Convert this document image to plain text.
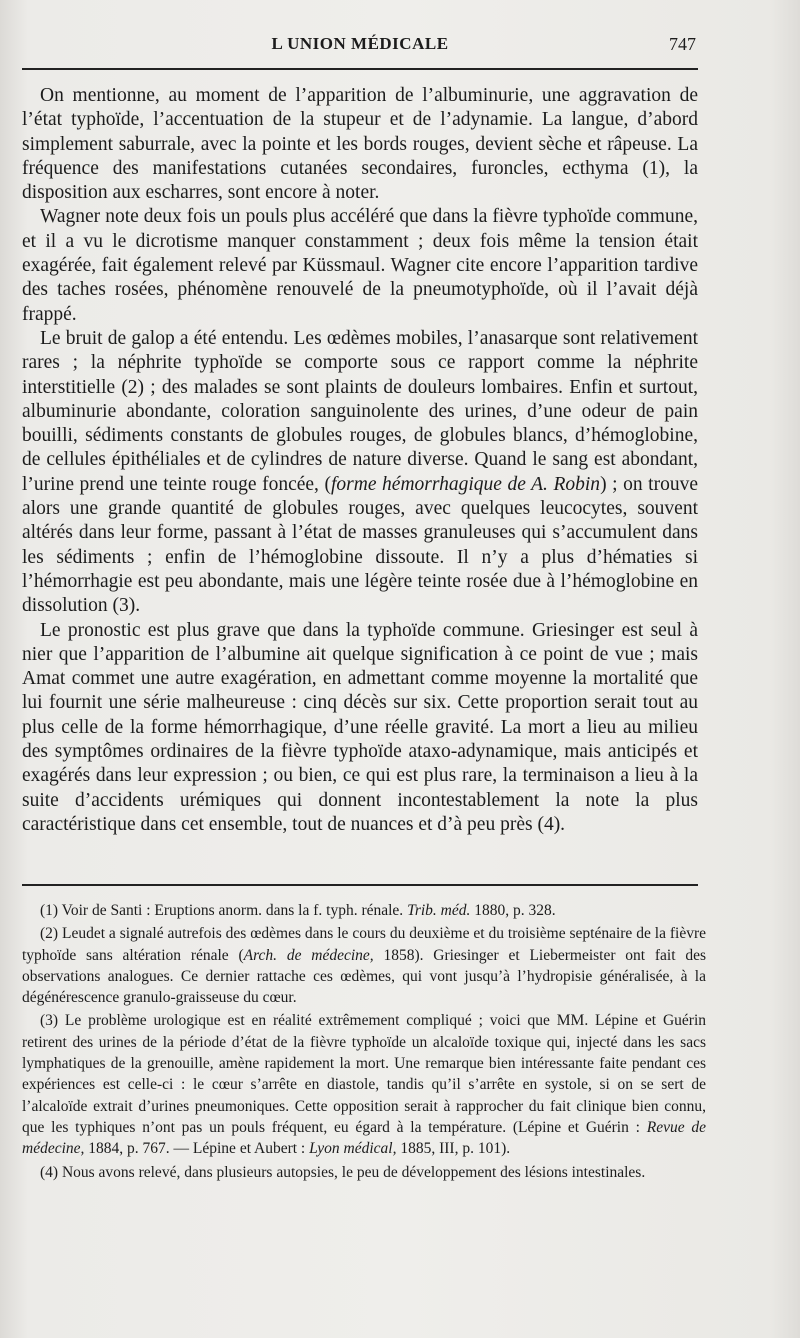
L UNION MÉDICALE	747

On mentionne, au moment de l’apparition de l’albuminurie, une aggravation de l’état typhoïde, l’accentuation de la stupeur et de l’adynamie. La langue, d’abord simplement saburrale, avec la pointe et les bords rouges, devient sèche et râpeuse. La fréquence des manifestations cutanées secondaires, furoncles, ecthyma (1), la disposition aux escharres, sont encore à noter.

Wagner note deux fois un pouls plus accéléré que dans la fièvre typhoïde commune, et il a vu le dicrotisme manquer constamment ; deux fois même la tension était exagérée, fait également relevé par Küssmaul. Wagner cite encore l’apparition tardive des taches rosées, phénomène renouvelé de la pneumotyphoïde, où il l’avait déjà frappé.

Le bruit de galop a été entendu. Les œdèmes mobiles, l’anasarque sont relativement rares ; la néphrite typhoïde se comporte sous ce rapport comme la néphrite interstitielle (2) ; des malades se sont plaints de douleurs lombaires. Enfin et surtout, albuminurie abondante, coloration sanguinolente des urines, d’une odeur de pain bouilli, sédiments constants de globules rouges, de globules blancs, d’hémoglobine, de cellules épithéliales et de cylindres de nature diverse. Quand le sang est abondant, l’urine prend une teinte rouge foncée, (forme hémorrhagique de A. Robin) ; on trouve alors une grande quantité de globules rouges, avec quelques leucocytes, souvent altérés dans leur forme, passant à l’état de masses granuleuses qui s’accumulent dans les sédiments ; enfin de l’hémoglobine dissoute. Il n’y a plus d’hématies si l’hémorrhagie est peu abondante, mais une légère teinte rosée due à l’hémoglobine en dissolution (3).

Le pronostic est plus grave que dans la typhoïde commune. Griesinger est seul à nier que l’apparition de l’albumine ait quelque signification à ce point de vue ; mais Amat commet une autre exagération, en admettant comme moyenne la mortalité que lui fournit une série malheureuse : cinq décès sur six. Cette proportion serait tout au plus celle de la forme hémorrhagique, d’une réelle gravité. La mort a lieu au milieu des symptômes ordinaires de la fièvre typhoïde ataxo-adynamique, mais anticipés et exagérés dans leur expression ; ou bien, ce qui est plus rare, la terminaison a lieu à la suite d’accidents urémiques qui donnent incontestablement la note la plus caractéristique dans cet ensemble, tout de nuances et d’à peu près (4).

(1) Voir de Santi : Eruptions anorm. dans la f. typh. rénale. Trib. méd. 1880, p. 328.

(2) Leudet a signalé autrefois des œdèmes dans le cours du deuxième et du troisième septénaire de la fièvre typhoïde sans altération rénale (Arch. de médecine, 1858). Griesinger et Liebermeister ont fait des observations analogues. Ce dernier rattache ces œdèmes, qui vont jusqu’à l’hydropisie généralisée, à la dégénérescence granulo-graisseuse du cœur.

(3) Le problème urologique est en réalité extrêmement compliqué ; voici que MM. Lépine et Guérin retirent des urines de la période d’état de la fièvre typhoïde un alcaloïde toxique qui, injecté dans les sacs lymphatiques de la grenouille, amène rapidement la mort. Une remarque bien intéressante faite pendant ces expériences est celle-ci : le cœur s’arrête en diastole, tandis qu’il s’arrête en systole, si on se sert de l’alcaloïde extrait d’urines pneumoniques. Cette opposition serait à rapprocher du fait clinique bien connu, que les typhiques n’ont pas un pouls fréquent, eu égard à la température. (Lépine et Guérin : Revue de médecine, 1884, p. 767. — Lépine et Aubert : Lyon médical, 1885, III, p. 101).

(4) Nous avons relevé, dans plusieurs autopsies, le peu de développement des lésions intestinales.
